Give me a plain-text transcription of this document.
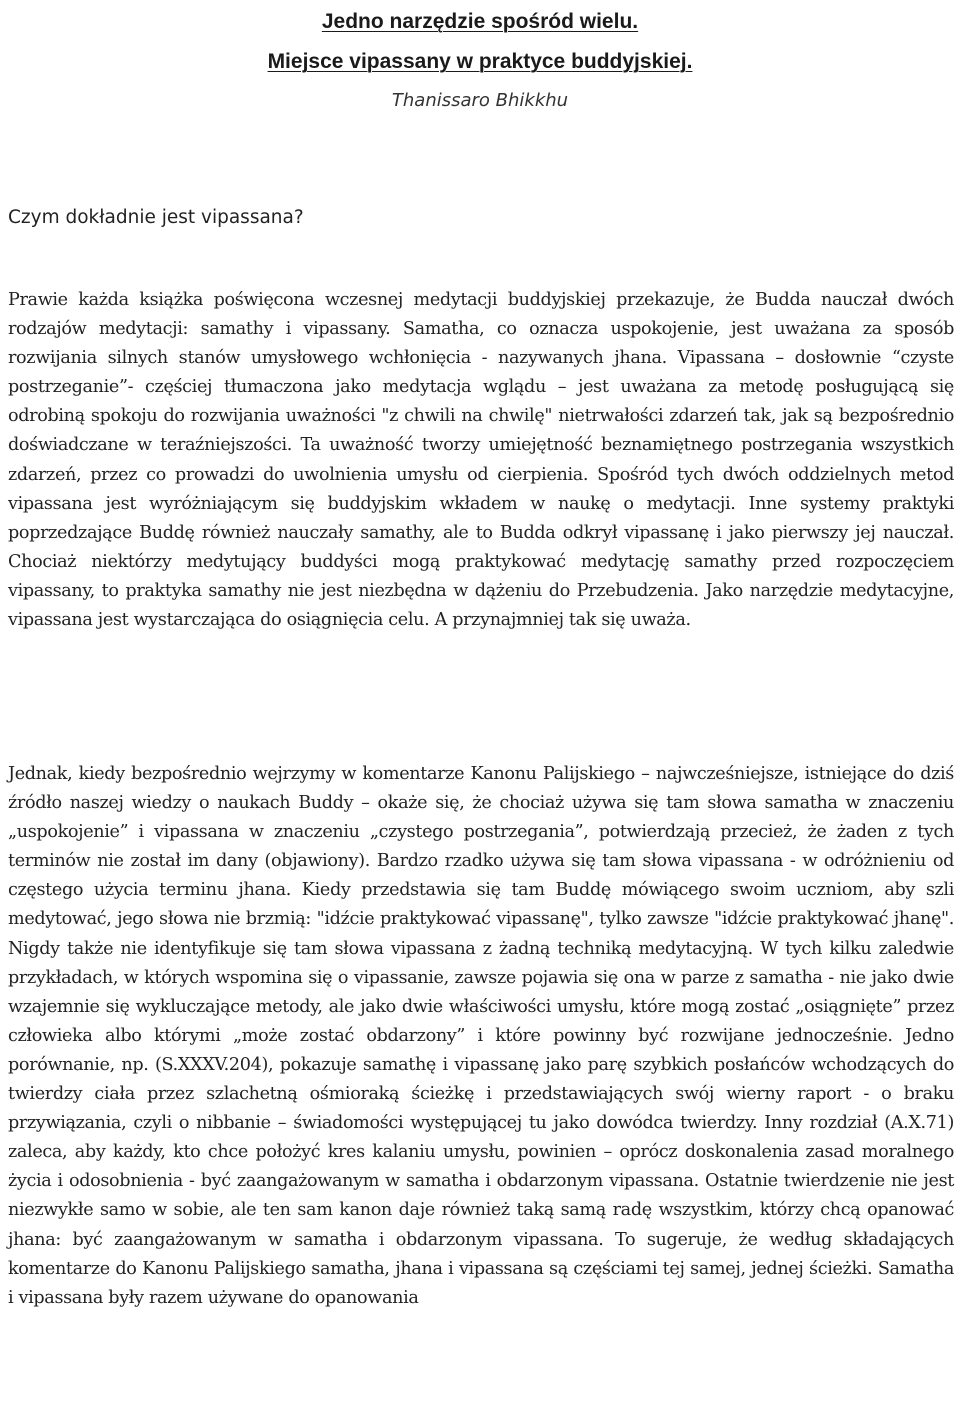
Jedno narzędzie spośród wielu.
Miejsce vipassany w praktyce buddyjskiej.
Thanissaro Bhikkhu
Czym dokładnie jest vipassana?

Prawie każda książka poświęcona wczesnej medytacji buddyjskiej przekazuje, że Budda nauczał dwóch rodzajów medytacji: samathy i vipassany. Samatha, co oznacza uspokojenie, jest uważana za sposób rozwijania silnych stanów umysłowego wchłonięcia - nazywanych jhana. Vipassana – dosłownie “czyste postrzeganie”- częściej tłumaczona jako medytacja wglądu – jest uważana za metodę posługującą się odrobiną spokoju do rozwijania uważności "z chwili na chwilę" nietrwałości zdarzeń tak, jak są bezpośrednio doświadczane w teraźniejszości. Ta uważność tworzy umiejętność beznamiętnego postrzegania wszystkich zdarzeń, przez co prowadzi do uwolnienia umysłu od cierpienia. Spośród tych dwóch oddzielnych metod vipassana jest wyróżniającym się buddyjskim wkładem w naukę o medytacji. Inne systemy praktyki poprzedzające Buddę również nauczały samathy, ale to Budda odkrył vipassanę i jako pierwszy jej nauczał. Chociaż niektórzy medytujący buddyści mogą praktykować medytację samathy przed rozpoczęciem vipassany, to praktyka samathy nie jest niezbędna w dążeniu do Przebudzenia. Jako narzędzie medytacyjne, vipassana jest wystarczająca do osiągnięcia celu. A przynajmniej tak się uważa.

Jednak, kiedy bezpośrednio wejrzymy w komentarze Kanonu Palijskiego – najwcześniejsze, istniejące do dziś źródło naszej wiedzy o naukach Buddy – okaże się, że chociaż używa się tam słowa samatha w znaczeniu „uspokojenie” i vipassana w znaczeniu „czystego postrzegania”, potwierdzają przecież, że żaden z tych terminów nie został im dany (objawiony). Bardzo rzadko używa się tam słowa vipassana - w odróżnieniu od częstego użycia terminu jhana. Kiedy przedstawia się tam Buddę mówiącego swoim uczniom, aby szli medytować, jego słowa nie brzmią: "idźcie praktykować vipassanę", tylko zawsze "idźcie praktykować jhanę". Nigdy także nie identyfikuje się tam słowa vipassana z żadną techniką medytacyjną. W tych kilku zaledwie przykładach, w których wspomina się o vipassanie, zawsze pojawia się ona w parze z samatha - nie jako dwie wzajemnie się wykluczające metody, ale jako dwie właściwości umysłu, które mogą zostać „osiągnięte” przez człowieka albo którymi „może zostać obdarzony” i które powinny być rozwijane jednocześnie. Jedno porównanie, np. (S.XXXV.204), pokazuje samathę i vipassanę jako parę szybkich posłańców wchodzących do twierdzy ciała przez szlachetną ośmioraką ścieżkę i przedstawiających swój wierny raport - o braku przywiązania, czyli o nibbanie – świadomości występującej tu jako dowódca twierdzy. Inny rozdział (A.X.71) zaleca, aby każdy, kto chce położyć kres kalaniu umysłu, powinien – oprócz doskonalenia zasad moralnego życia i odosobnienia - być zaangażowanym w samatha i obdarzonym vipassana. Ostatnie twierdzenie nie jest niezwykłe samo w sobie, ale ten sam kanon daje również taką samą radę wszystkim, którzy chcą opanować jhana: być zaangażowanym w samatha i obdarzonym vipassana. To sugeruje, że według składających komentarze do Kanonu Palijskiego samatha, jhana i vipassana są częściami tej samej, jednej ścieżki. Samatha i vipassana były razem używane do opanowania
